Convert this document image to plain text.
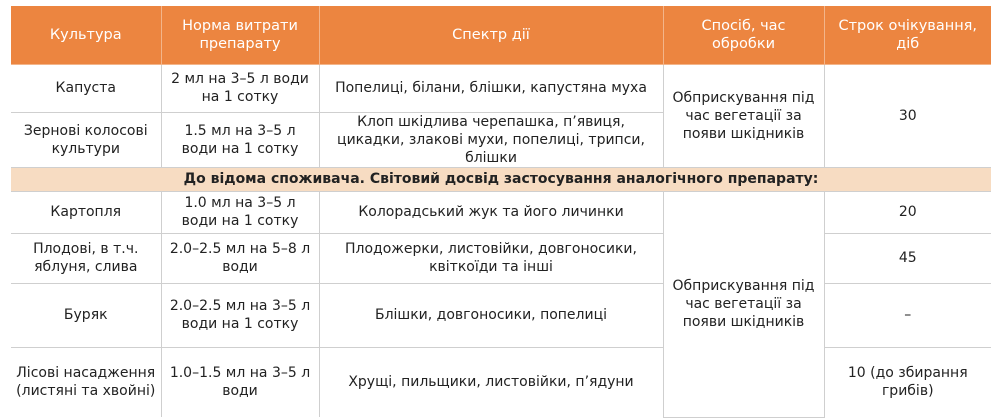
Культура	Норма витрати препарату	Спектр дії	Спосіб, час обробки	Строк очікування, діб
Капуста	2 мл на 3–5 л води на 1 сотку	Попелиці, білани, блішки, капустяна муха	Обприскування під час вегетації за появи шкідників	30
Зернові колосові культури	1.5 мл на 3–5 л води на 1 сотку	Клоп шкідлива черепашка, п’явиця, цикадки, злакові мухи, попелиці, трипси, блішки		
До відома споживача. Світовий досвід застосування аналогічного препарату:				
Картопля	1.0 мл на 3–5 л води на 1 сотку	Колорадський жук та його личинки	Обприскування під час вегетації за появи шкідників	20
Плодові, в т.ч. яблуня, слива	2.0–2.5 мл на 5–8 л води	Плодожерки, листовійки, довгоносики, квіткоїди та інші		45
Буряк	2.0–2.5 мл на 3–5 л води на 1 сотку	Блішки, довгоносики, попелиці		–
Лісові насадження (листяні та хвойні)	1.0–1.5 мл на 3–5 л води	Хрущі, пильщики, листовійки, п’ядуни		10 (до збирання грибів)
